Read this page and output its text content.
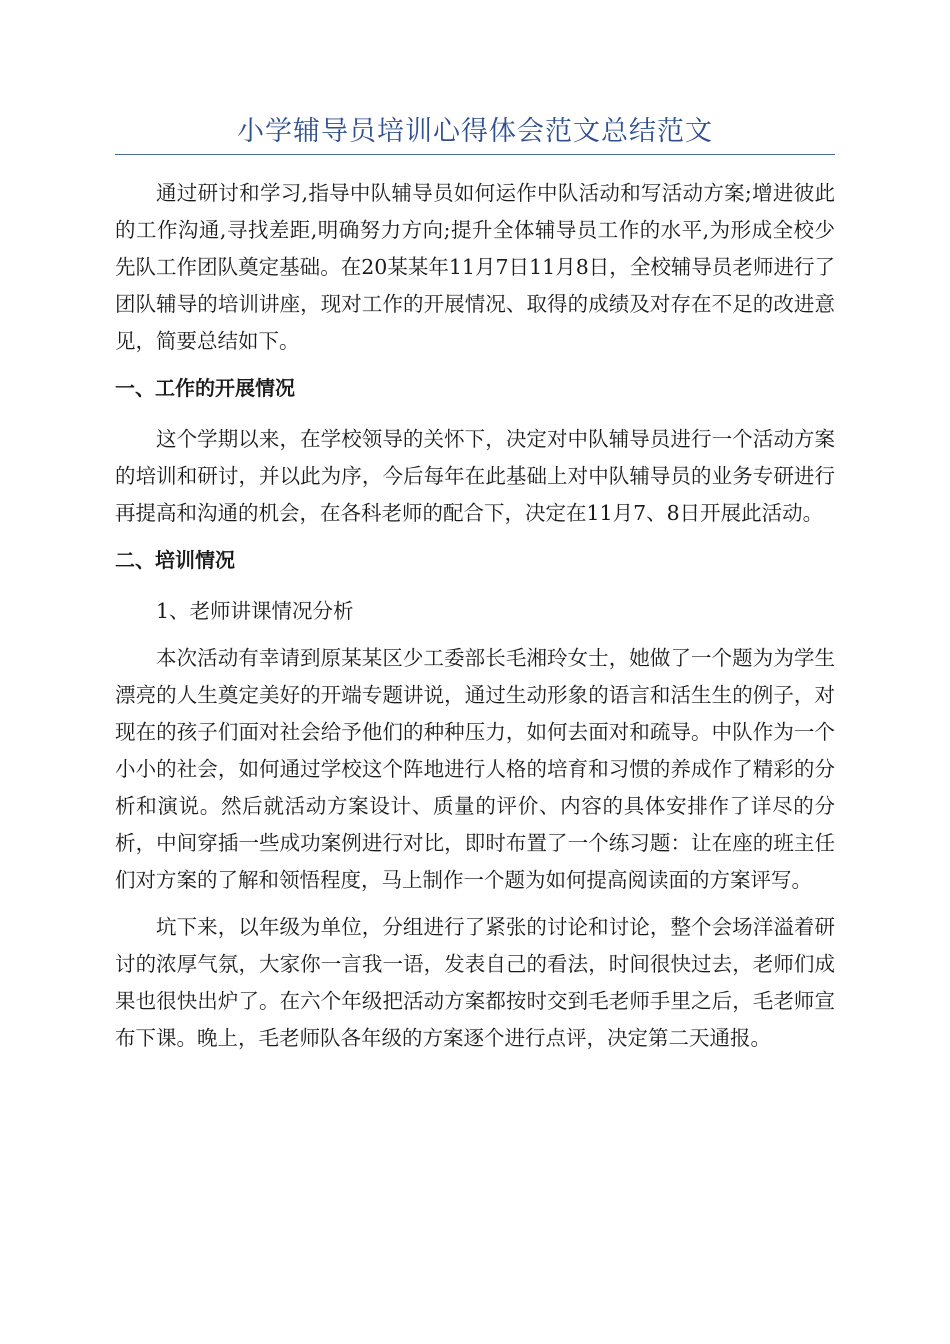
小学辅导员培训心得体会范文总结范文

通过研讨和学习,指导中队辅导员如何运作中队活动和写活动方案;增进彼此的工作沟通,寻找差距,明确努力方向;提升全体辅导员工作的水平,为形成全校少先队工作团队奠定基础。在20某某年11月7日11月8日，全校辅导员老师进行了团队辅导的培训讲座，现对工作的开展情况、取得的成绩及对存在不足的改进意见，简要总结如下。

一、工作的开展情况

这个学期以来，在学校领导的关怀下，决定对中队辅导员进行一个活动方案的培训和研讨，并以此为序，今后每年在此基础上对中队辅导员的业务专研进行再提高和沟通的机会，在各科老师的配合下，决定在11月7、8日开展此活动。

二、培训情况

1、老师讲课情况分析

本次活动有幸请到原某某区少工委部长毛湘玲女士，她做了一个题为为学生漂亮的人生奠定美好的开端专题讲说，通过生动形象的语言和活生生的例子，对现在的孩子们面对社会给予他们的种种压力，如何去面对和疏导。中队作为一个小小的社会，如何通过学校这个阵地进行人格的培育和习惯的养成作了精彩的分析和演说。然后就活动方案设计、质量的评价、内容的具体安排作了详尽的分析，中间穿插一些成功案例进行对比，即时布置了一个练习题：让在座的班主任们对方案的了解和领悟程度，马上制作一个题为如何提高阅读面的方案评写。

坑下来，以年级为单位，分组进行了紧张的讨论和讨论，整个会场洋溢着研讨的浓厚气氛，大家你一言我一语，发表自己的看法，时间很快过去，老师们成果也很快出炉了。在六个年级把活动方案都按时交到毛老师手里之后，毛老师宣布下课。晚上，毛老师队各年级的方案逐个进行点评，决定第二天通报。
